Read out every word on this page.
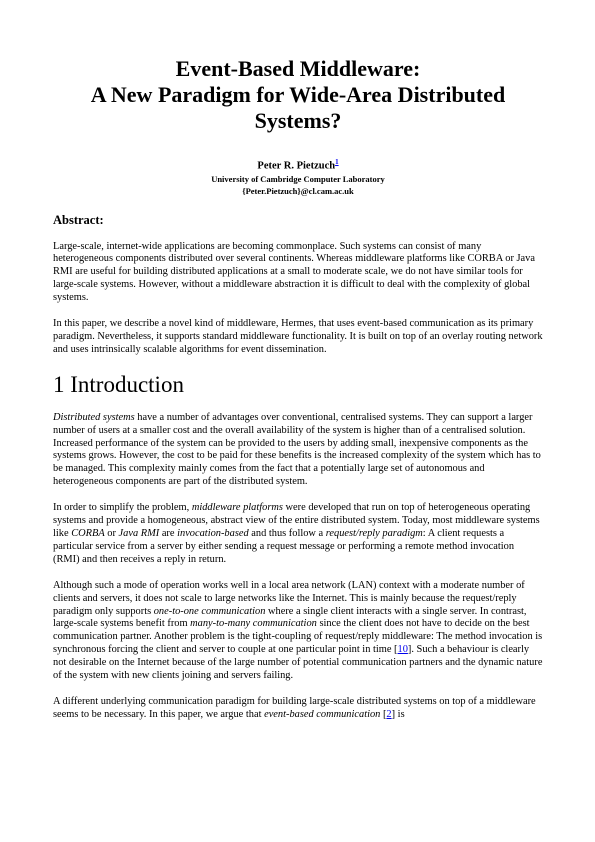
Event-Based Middleware:
A New Paradigm for Wide-Area Distributed
Systems?
Peter R. Pietzuch$^1$
University of Cambridge Computer Laboratory
{Peter.Pietzuch}@cl.cam.ac.uk
Abstract:

Large-scale, internet-wide applications are becoming commonplace. Such systems can consist of many heterogeneous components distributed over several continents. Whereas middleware platforms like CORBA or Java RMI are useful for building distributed applications at a small to moderate scale, we do not have similar tools for large-scale systems. However, without a middleware abstraction it is difficult to deal with the complexity of global systems.

In this paper, we describe a novel kind of middleware, Hermes, that uses event-based communication as its primary paradigm. Nevertheless, it supports standard middleware functionality. It is built on top of an overlay routing network and uses intrinsically scalable algorithms for event dissemination.

1 Introduction

Distributed systems have a number of advantages over conventional, centralised systems. They can support a larger number of users at a smaller cost and the overall availability of the system is higher than of a centralised solution. Increased performance of the system can be provided to the users by adding small, inexpensive components as the systems grows. However, the cost to be paid for these benefits is the increased complexity of the system which has to be managed. This complexity mainly comes from the fact that a potentially large set of autonomous and heterogeneous components are part of the distributed system.

In order to simplify the problem, middleware platforms were developed that run on top of heterogeneous operating systems and provide a homogeneous, abstract view of the entire distributed system. Today, most middleware systems like CORBA or Java RMI are invocation-based and thus follow a request/reply paradigm: A client requests a particular service from a server by either sending a request message or performing a remote method invocation (RMI) and then receives a reply in return.

Although such a mode of operation works well in a local area network (LAN) context with a moderate number of clients and servers, it does not scale to large networks like the Internet. This is mainly because the request/reply paradigm only supports one-to-one communication where a single client interacts with a single server. In contrast, large-scale systems benefit from many-to-many communication since the client does not have to decide on the best communication partner. Another problem is the tight-coupling of request/reply middleware: The method invocation is synchronous forcing the client and server to couple at one particular point in time [10]. Such a behaviour is clearly not desirable on the Internet because of the large number of potential communication partners and the dynamic nature of the system with new clients joining and servers failing.

A different underlying communication paradigm for building large-scale distributed systems on top of a middleware seems to be necessary. In this paper, we argue that event-based communication [2] is
